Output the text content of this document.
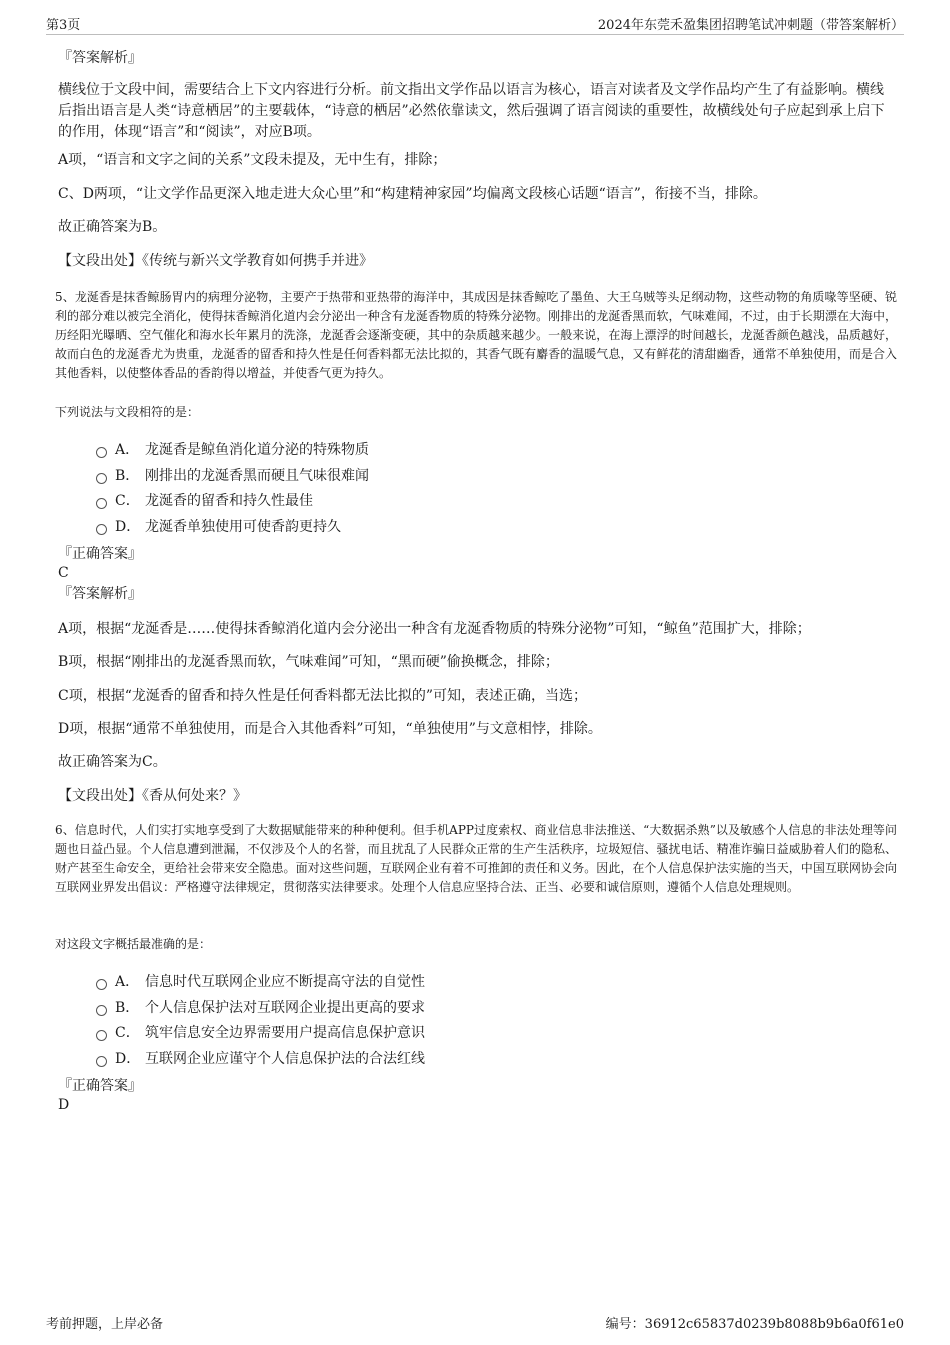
第3页	2024年东莞禾盈集团招聘笔试冲刺题（带答案解析）
『答案解析』
横线位于文段中间，需要结合上下文内容进行分析。前文指出文学作品以语言为核心，语言对读者及文学作品均产生了有益影响。横线后指出语言是人类“诗意栖居”的主要载体，“诗意的栖居”必然依靠读文，然后强调了语言阅读的重要性，故横线处句子应起到承上启下的作用，体现“语言”和“阅读”，对应B项。
A项，“语言和文字之间的关系”文段未提及，无中生有，排除；
C、D两项，“让文学作品更深入地走进大众心里”和“构建精神家园”均偏离文段核心话题“语言”，衔接不当，排除。
故正确答案为B。
【文段出处】《传统与新兴文学教育如何携手并进》
5、龙涎香是抹香鲸肠胃内的病理分泌物，主要产于热带和亚热带的海洋中，其成因是抹香鲸吃了墨鱼、大王乌贼等头足纲动物，这些动物的角质喙等坚硬、锐利的部分难以被完全消化，使得抹香鲸消化道内会分泌出一种含有龙涎香物质的特殊分泌物。刚排出的龙涎香黑而软，气味难闻，不过，由于长期漂在大海中，历经阳光曝晒、空气催化和海水长年累月的洗涤，龙涎香会逐渐变硬，其中的杂质越来越少。一般来说，在海上漂浮的时间越长，龙涎香颜色越浅，品质越好，故而白色的龙涎香尤为贵重，龙涎香的留香和持久性是任何香料都无法比拟的，其香气既有麝香的温暖气息，又有鲜花的清甜幽香，通常不单独使用，而是合入其他香料，以使整体香品的香韵得以增益，并使香气更为持久。
下列说法与文段相符的是：
A． 龙涎香是鲸鱼消化道分泌的特殊物质
B． 刚排出的龙涎香黑而硬且气味很难闻
C． 龙涎香的留香和持久性最佳
D． 龙涎香单独使用可使香韵更持久
『正确答案』
C
『答案解析』
A项，根据“龙涎香是……使得抹香鲸消化道内会分泌出一种含有龙涎香物质的特殊分泌物”可知，“鲸鱼”范围扩大，排除；
B项，根据“刚排出的龙涎香黑而软，气味难闻”可知，“黑而硬”偷换概念，排除；
C项，根据“龙涎香的留香和持久性是任何香料都无法比拟的”可知，表述正确，当选；
D项，根据“通常不单独使用，而是合入其他香料”可知，“单独使用”与文意相悖，排除。
故正确答案为C。
【文段出处】《香从何处来？》
6、信息时代，人们实打实地享受到了大数据赋能带来的种种便利。但手机APP过度索权、商业信息非法推送、“大数据杀熟”以及敏感个人信息的非法处理等问题也日益凸显。个人信息遭到泄漏，不仅涉及个人的名誉，而且扰乱了人民群众正常的生产生活秩序，垃圾短信、骚扰电话、精准诈骗日益威胁着人们的隐私、财产甚至生命安全，更给社会带来安全隐患。面对这些问题，互联网企业有着不可推卸的责任和义务。因此，在个人信息保护法实施的当天，中国互联网协会向互联网业界发出倡议：严格遵守法律规定，贯彻落实法律要求。处理个人信息应坚持合法、正当、必要和诚信原则，遵循个人信息处理规则。
对这段文字概括最准确的是：
A． 信息时代互联网企业应不断提高守法的自觉性
B． 个人信息保护法对互联网企业提出更高的要求
C． 筑牢信息安全边界需要用户提高信息保护意识
D． 互联网企业应谨守个人信息保护法的合法红线
『正确答案』
D
考前押题，上岸必备	编号：36912c65837d0239b8088b9b6a0f61e0
